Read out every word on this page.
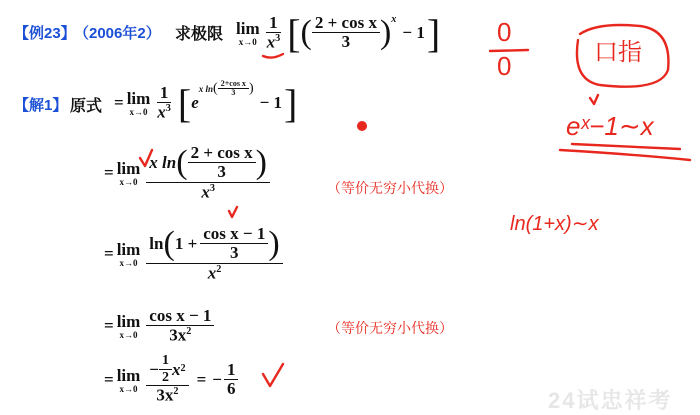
【例23】
（2006年2） 求极限 lim
$x\to 0 \frac{1}{x^3}$ [ ( $\frac{\text{2 + cos x}}{3} )^x$
− 1 ]
【解1】 原式 = lim
$x\to 0 \frac{1}{x^3}$ [ e
x ln ( $\frac{\text{2+cos x}}{3}$ )
− 1 ]
= lim
$x\to 0 \frac{x \ln ( \frac{\text{2 + cos x}}{3} )}{x^3}$	（等价无穷小代换）
= lim
$x\to 0 \frac{\ln ( 1 + \frac{\text{cos x − 1}}{3} )}{x^2}$
= lim
$x\to 0 \frac{\text{cos x − 1}}{3x^2}$	（等价无穷小代换）
= lim
$x\to 0 \frac{- \frac{1}{2} x 2}{3x^2}$ = − $\frac{1}{6}$
0
0	口指
eˣ−1∼x
ln(1+x)∼x
24试忠祥考
